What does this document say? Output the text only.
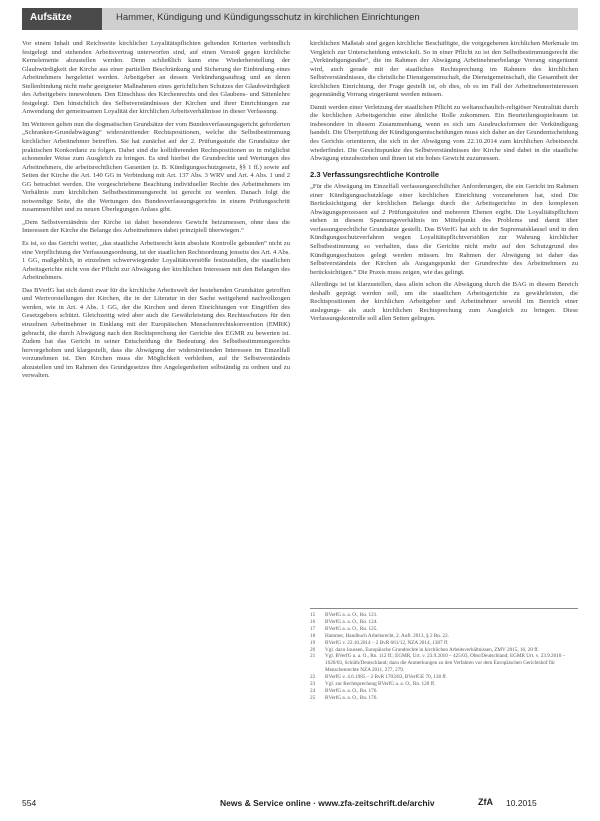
Aufsätze	Hammer, Kündigung und Kündigungsschutz in kirchlichen Einrichtungen

Vor einem Inhalt und Reichweite kirchlicher Loyalitätspflichten geltenden Kriterien verbindlich festgelegt und stehenden Arbeitsvertrag unterworfen sind, auf einen Verstoß gegen kirchliche Kernelemente abzustellen werden. Denn schließlich kann eine Wiederherstellung der Glaubwürdigkeit der Kirche aus einer partiellen Beschränkung und Sicherung der Einbindung eines Arbeitnehmers hergeleitet werden. Arbeitgeber an dessen Verkündungsauftrag und an deren Stellenbindung nicht mehr geeigneter Maßnahmen eines gerichtlichen Schutzes der Glaubwürdigkeit des Arbeitgebers innewohnen. Den Einschluss des Kirchenrechts und des Glaubens- und Sittenlehre festgelegt. Den hinsichtlich des Selbstverständnisses der Kirchen und ihrer Einrichtungen zur Anwendung der gemeinsamen Loyalität der kirchlichen Arbeitsverhältnisse in dieser Verfassung.

Im Weiteren gelten nun die dogmatischen Grundsätze der vom Bundesverfassungsgericht geforderten „Schranken-Grundabwägung“ widerstreitender Rechtspositionen, welche die Selbstbestimmung kirchlicher Arbeitnehmer betreffen. Sie hat zunächst auf der 2. Prüfungsstufe die Grundsätze der praktischen Konkordanz zu folgen. Dabei sind die kollidierenden Rechtspositionen so in möglichst schonender Weise zum Ausgleich zu bringen. Es sind hierbei die Grundrechte und Wertungen des Arbeitnehmers, die arbeitsrechtlichen Garantien (z. B. Kündigungsschutzgesetz, §§ 1 ff.) sowie auf Seiten der Kirche die Art. 140 GG in Verbindung mit Art. 137 Abs. 3 WRV und Art. 4 Abs. 1 und 2 GG betrachtet werden. Die vorgeschriebene Beachtung individueller Rechte des Arbeitnehmers im Verhältnis zum kirchlichen Selbstbestimmungsrecht ist gerecht zu werden. Danach folgt die notwendige Seite, die die Wertungen des Bundesverfassungsgerichts in einem Prüfungsschritt zusammenführt und zu neuen Überlegungen Anlass gibt.

„Dem Selbstverständnis der Kirche ist dabei besonderes Gewicht beizumessen, ohne dass die Interessen der Kirche die Belange des Arbeitnehmers dabei prinzipiell überwiegen.“

Es ist, so das Gericht weiter, „das staatliche Arbeitsrecht kein absolute Kontrolle gebunden“ nicht zu eine Verpflichtung der Verfassungsordnung, ist der staatlichen Rechtsordnung jenseits des Art. 4 Abs. 1 GG, maßgeblich, in einzelnen schwerwiegender Loyalitätsverstöße festzustellen, die staatlichen Arbeitsgerichte nicht von der Pflicht zur Abwägung der kirchlichen Interessen mit den Belangen des Arbeitnehmers.

Das BVerfG hat sich damit zwar für die kirchliche Arbeitswelt der bestehenden Grundsätze getroffen und Wertvorstellungen der Kirchen, die in der Literatur in der Sache weitgehend nachvollzogen werden, wie in Art. 4 Abs. 1 GG, der die Kirchen und deren Einrichtungen vor Eingriffen des Gesetzgebers schützt. Gleichzeitig wird aber auch die Gewährleistung des Rechtsschutzes für den einzelnen Arbeitnehmer in Einklang mit der Europäischen Menschenrechtskonvention (EMRK) gebracht, die durch Abwägung nach den Rechtsprechung der Gerichte des EGMR zu bewerten ist. Zudem hat das Gericht in seiner Entscheidung die Bedeutung des Selbstbestimmungsrechts hervorgehoben und klargestellt, dass die Abwägung der widerstreitenden Interessen im Einzelfall vorzunehmen ist. Den Kirchen muss die Möglichkeit verbleiben, auf ihr Selbstverständnis abzustellen und im Rahmen des Grundgesetzes ihre Angelegenheiten selbständig zu ordnen und zu verwalten.

kirchlichen Maßstab sind gegen kirchliche Beschäftigte, die vorgegebenen kirchlichen Merkmale im Vergleich zur Unterscheidung entwickelt. So in einer Pflicht zu ist den Selbstbestimmungsrecht die „Verkündigungsnähe“, die im Rahmen der Abwägung Arbeitnehmerbelange Vorrang eingeräumt wird, auch gerade mit der staatlichen Rechtsprechung im Rahmen des kirchlichen Selbstverständnisses, die christliche Dienstgemeinschaft, die Dienstgemeinschaft, die Gesamtheit der kirchlichen Einrichtung, der Frage gestellt ist, ob dies, ob es im Fall der Arbeitnehmerinteressen gegenständig Vorrang eingeräumt werden müssen.

Damit werden einer Verletzung der staatlichen Pflicht zu weltanschaulich-religiöser Neutralität durch die kirchlichen Arbeitsgerichte eine ähnliche Rolle zukommen. Ein Beurteilungsspielraum ist insbesondere in diesem Zusammenhang, wenn es sich um Ausdrucksformen der Verkündigung handelt. Die Überprüfung der Kündigungsentscheidungen muss sich daher an der Grundentscheidung des Gerichts orientieren, die sich in der Abwägung vom 22.10.2014 zum kirchlichen Arbeitsrecht wiederfindet. Die Gesichtspunkte des Selbstverständnisses der Kirche sind dabei in die staatliche Abwägung einzubeziehen und ihnen ist ein hohes Gewicht zuzumessen.

2.3 Verfassungsrechtliche Kontrolle

„Für die Abwägung im Einzelfall verfassungsrechtlicher Anforderungen, die ein Gericht im Rahmen einer Kündigungsschutzklage einer kirchlichen Einrichtung vorzunehmen hat, sind Die Berücksichtigung der kirchlichen Belange durch die Arbeitsgerichte in den komplexen Abwägungsprozessen auf 2 Prüfungsstufen und mehreren Ebenen ergibt. Die Loyalitätspflichten stehen in diesem Spannungsverhältnis im Mittelpunkt des Problems und damit über verfassungsrechtliche Grundsätze gestellt. Das BVerfG hat sich in der Suprematsklausel und in den Kündigungsschutzverfahren wegen Loyalitätspflichtverstößen zur Wahrung kirchlicher Selbstbestimmung so verhalten, dass die Gerichte nicht mehr auf den Schutzgrund des Kündigungsschutzes gelegt werden müssen. Im Rahmen der Abwägung ist daher das Selbstverständnis der Kirchen als Ausgangspunkt der Grundrechte des Arbeitnehmers zu berücksichtigen.“ Die Praxis muss zeigen, wie das gelingt.

Allerdings ist ist klarzustellen, dass allein schon die Abwägung durch die BAG in diesem Bereich deshalb geprägt werden soll, um die staatlichen Arbeitsgerichte zu gewährleisten, die Rechtspositionen der kirchlichen Arbeitgeber und Arbeitnehmer sowohl im Bereich einer auslegungs- als auch kirchlichen Rechtsprechung zum Ausgleich zu bringen. Diese Verfassungskontrolle soll allen Seiten gelingen.

15	BVerfG a. a. O., Rn. 121.
16	BVerfG a. a. O., Rn. 124.
17	BVerfG a. a. O., Rn. 125.
18	Hammer, Handbuch Arbeitsrecht, 2. Aufl. 2013, § 2 Rn. 22.
19	BVerfG v. 22.10.2014 – 2 BvR 661/12, NZA 2014, 1387 ff.
20	Vgl. dazu Joussen, Europäische Grundrechte in kirchlichen Arbeitsverhältnissen, ZMV 2015, 16, 20 ff.
21	Vgl. BVerfG a. a. O., Rn. 112 ff.; EGMR, Urt. v. 23.9.2010 – 425/03, Obst/Deutschland; EGMR Urt. v. 23.9.2010 – 1620/03, Schüth/Deutschland; dazu die Anmerkungen zu den Verfahren vor dem Europäischen Gerichtshof für Menschenrechte NZA 2011, 277, 279.
22	BVerfG v. 4.6.1985 – 2 BvR 1703/83, BVerfGE 70, 138 ff.
23	Vgl. zur Rechtsprechung BVerfG a. a. O., Rn. 120 ff.
24	BVerfG a. a. O., Rn. 176.
25	BVerfG a. a. O., Rn. 176.
554	News & Service online · www.zfa-zeitschrift.de/archiv	ZfA 10.2015
